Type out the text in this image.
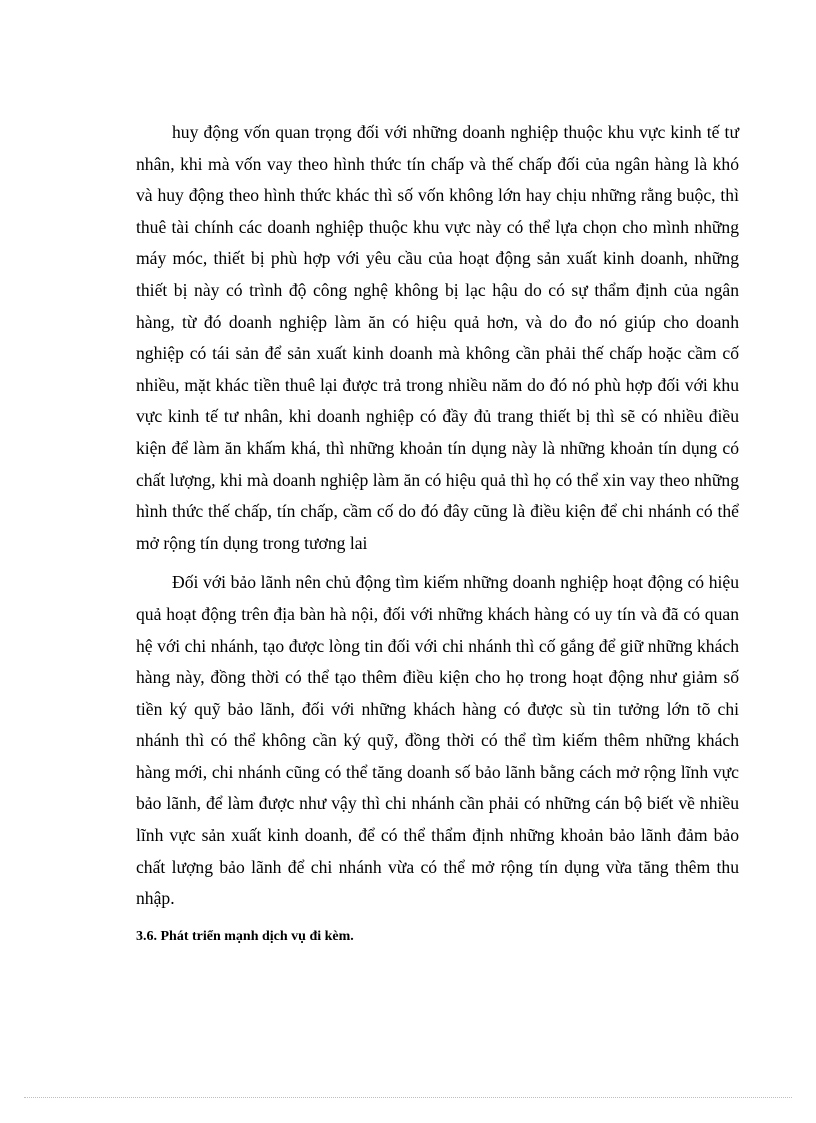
huy động vốn quan trọng đối với những doanh nghiệp thuộc khu vực kinh tế tư nhân, khi mà vốn vay theo hình thức tín chấp và thế chấp đối của ngân hàng là khó và huy động theo hình thức khác thì số vốn không lớn hay chịu những rằng buộc, thì thuê tài chính các doanh nghiệp thuộc khu vực này có thể lựa chọn cho mình những máy móc, thiết bị phù hợp với yêu cầu của hoạt động sản xuất kinh doanh, những thiết bị này có trình độ công nghệ không bị lạc hậu do có sự thẩm định của ngân hàng, từ đó doanh nghiệp làm ăn có hiệu quả hơn, và do đo nó giúp cho doanh nghiệp có tái sản để sản xuất kinh doanh mà không cần phải thế chấp hoặc cầm cố nhiều, mặt khác tiền thuê lại được trả trong nhiều năm do đó nó phù hợp đối với khu vực kinh tế tư nhân, khi doanh nghiệp có đầy đủ trang thiết bị thì sẽ có nhiều điều kiện để làm ăn khấm khá, thì những khoản tín dụng này là những khoản tín dụng có chất lượng, khi mà doanh nghiệp làm ăn có hiệu quả thì họ có thể xin vay theo những hình thức thế chấp, tín chấp, cầm cố do đó đây cũng là điều kiện để chi nhánh có thể mở rộng tín dụng trong tương lai

Đối với bảo lãnh nên chủ động tìm kiếm những doanh nghiệp hoạt động có hiệu quả hoạt động trên địa bàn hà nội, đối với những khách hàng có uy tín và đã có quan hệ với chi nhánh, tạo được lòng tin đối với chi nhánh thì cố gắng để giữ những khách hàng này, đồng thời có thể tạo thêm điều kiện cho họ trong hoạt động như giảm số tiền ký quỹ bảo lãnh, đối với những khách hàng có được sù tin tưởng lớn tõ chi nhánh thì có thể không cần ký quỹ, đồng thời có thể tìm kiếm thêm những khách hàng mới, chi nhánh cũng có thể tăng doanh số bảo lãnh bằng cách mở rộng lĩnh vực bảo lãnh, để làm được như vậy thì chi nhánh cần phải có những cán bộ biết về nhiều lĩnh vực sản xuất kinh doanh, để có thể thẩm định những khoản bảo lãnh đảm bảo chất lượng bảo lãnh để chi nhánh vừa có thể mở rộng tín dụng vừa tăng thêm thu nhập.

3.6. Phát triển mạnh dịch vụ đi kèm.
